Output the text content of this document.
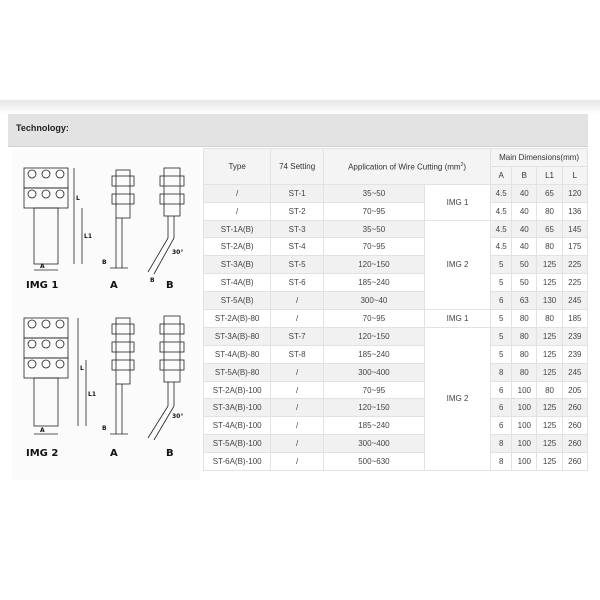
Technology:
A
L
L1
B
30°
B
IMG 1	A	B
A
L
L1
B
30°
IMG 2	A	B
Type	74 Setting	Application of Wire Cutting $(mm^2)$		Main Dimensions(mm)			
				A	B	L1	L
/	ST-1	35~50	IMG 1	4.5	40	65	120
/	ST-2	70~95		4.5	40	80	136
ST-1A(B)	ST-3	35~50	IMG 2	4.5	40	65	145
ST-2A(B)	ST-4	70~95		4.5	40	80	175
ST-3A(B)	ST-5	120~150		5	50	125	225
ST-4A(B)	ST-6	185~240		5	50	125	225
ST-5A(B)	/	300~40		6	63	130	245
ST-2A(B)-80	/	70~95	IMG 1	5	80	80	185
ST-3A(B)-80	ST-7	120~150	IMG 2	5	80	125	239
ST-4A(B)-80	ST-8	185~240		5	80	125	239
ST-5A(B)-80	/	300~400		8	80	125	245
ST-2A(B)-100	/	70~95		6	100	80	205
ST-3A(B)-100	/	120~150		6	100	125	260
ST-4A(B)-100	/	185~240		6	100	125	260
ST-5A(B)-100	/	300~400		8	100	125	260
ST-6A(B)-100	/	500~630		8	100	125	260
